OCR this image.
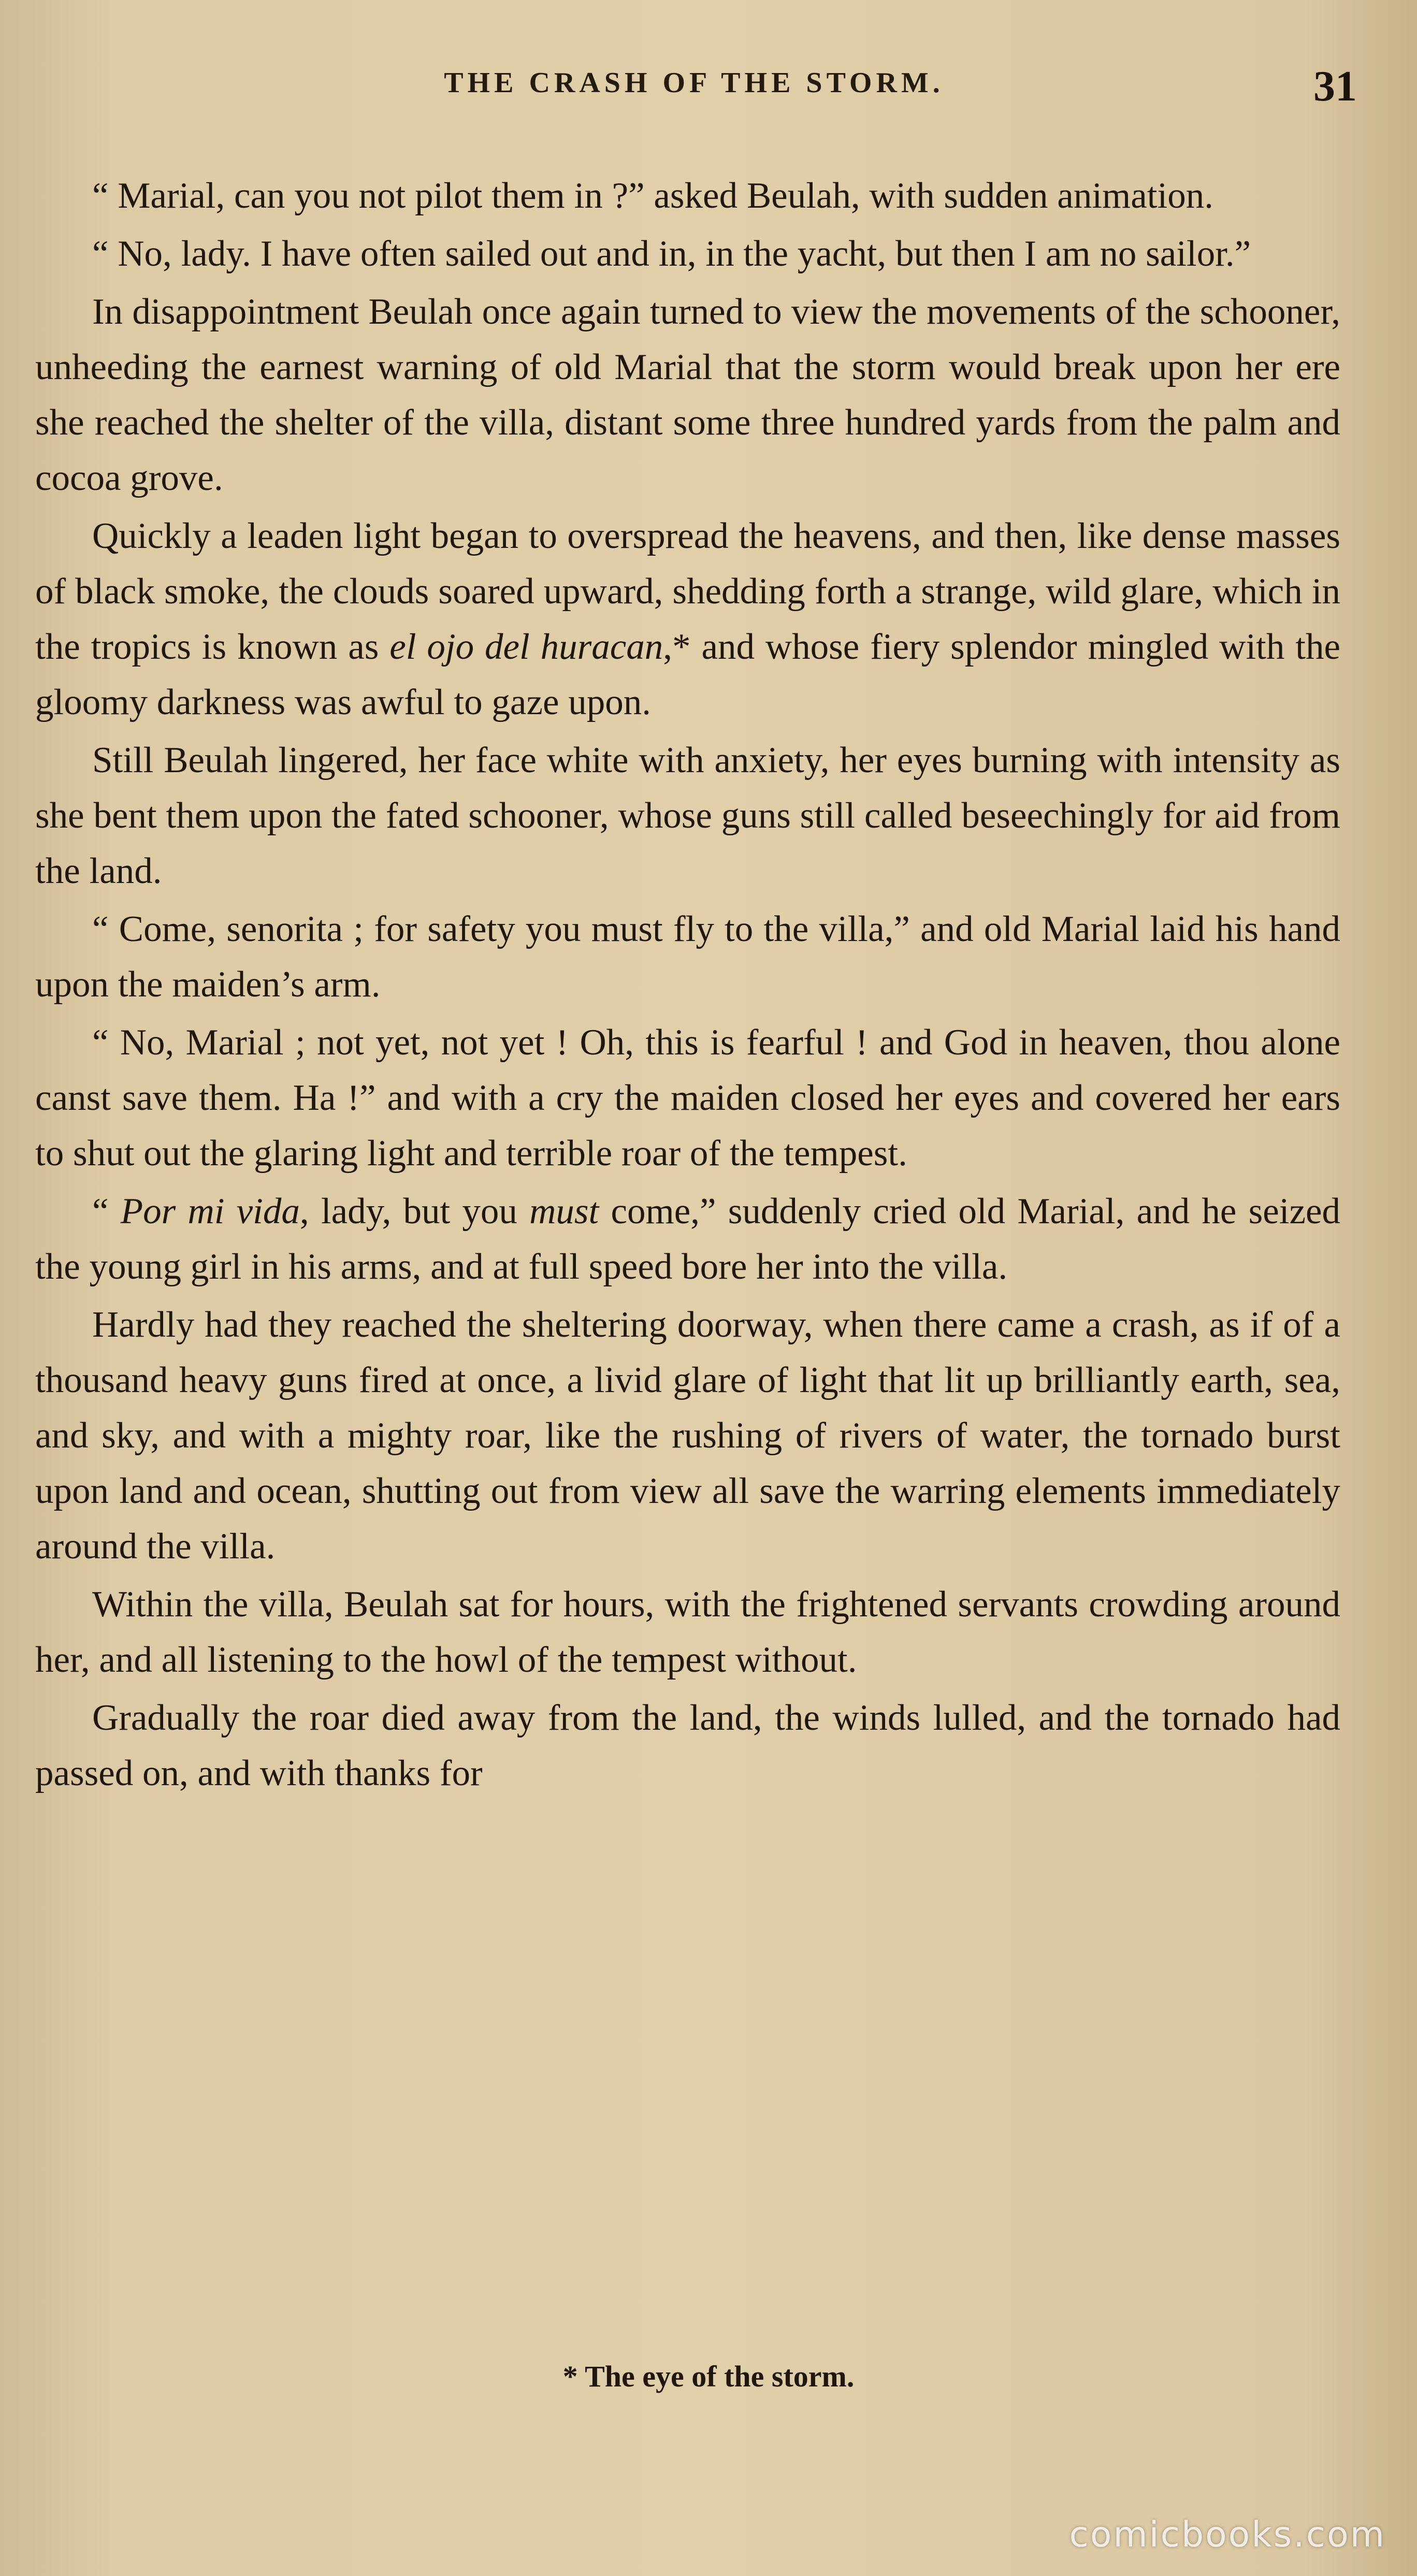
THE CRASH OF THE STORM.	31

“ Marial, can you not pilot them in ?” asked Beulah, with sudden animation.

“ No, lady. I have often sailed out and in, in the yacht, but then I am no sailor.”

In disappointment Beulah once again turned to view the movements of the schooner, unheeding the earnest warning of old Marial that the storm would break upon her ere she reached the shelter of the villa, distant some three hundred yards from the palm and cocoa grove.

Quickly a leaden light began to overspread the heavens, and then, like dense masses of black smoke, the clouds soared upward, shedding forth a strange, wild glare, which in the tropics is known as el ojo del huracan,* and whose fiery splendor mingled with the gloomy darkness was awful to gaze upon.

Still Beulah lingered, her face white with anxiety, her eyes burning with intensity as she bent them upon the fated schooner, whose guns still called beseechingly for aid from the land.

“ Come, senorita ; for safety you must fly to the villa,” and old Marial laid his hand upon the maiden’s arm.

“ No, Marial ; not yet, not yet ! Oh, this is fearful ! and God in heaven, thou alone canst save them. Ha !” and with a cry the maiden closed her eyes and covered her ears to shut out the glaring light and terrible roar of the tempest.

“ Por mi vida, lady, but you must come,” suddenly cried old Marial, and he seized the young girl in his arms, and at full speed bore her into the villa.

Hardly had they reached the sheltering doorway, when there came a crash, as if of a thousand heavy guns fired at once, a livid glare of light that lit up brilliantly earth, sea, and sky, and with a mighty roar, like the rushing of rivers of water, the tornado burst upon land and ocean, shutting out from view all save the warring elements immediately around the villa.

Within the villa, Beulah sat for hours, with the frightened servants crowding around her, and all listening to the howl of the tempest without.

Gradually the roar died away from the land, the winds lulled, and the tornado had passed on, and with thanks for

* The eye of the storm.
comicbooks.com
